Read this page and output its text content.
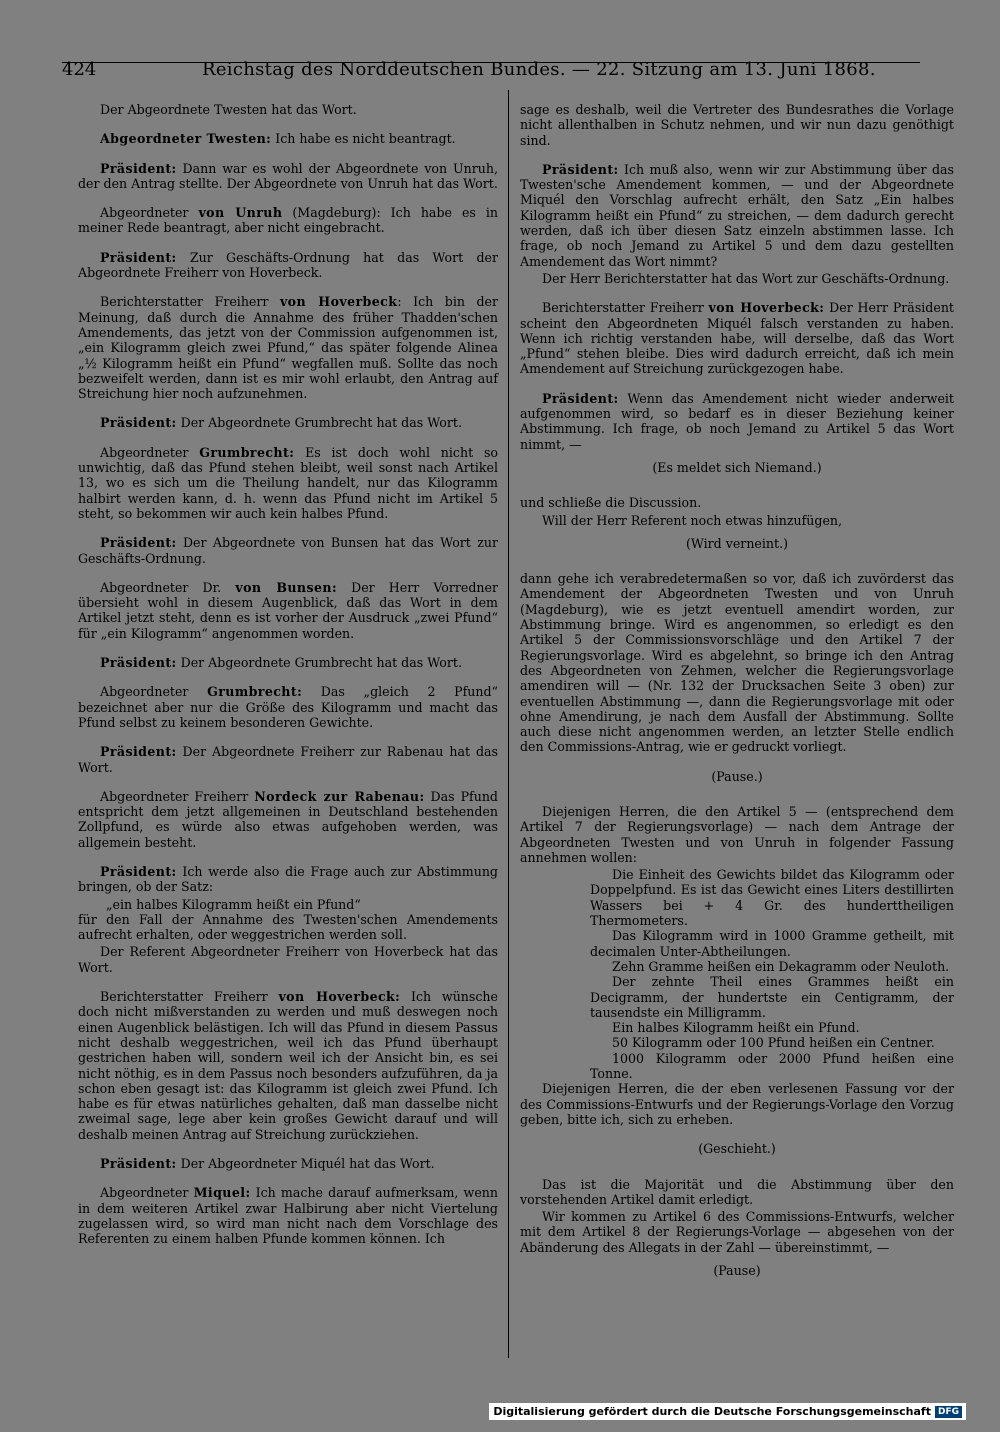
424	Reichstag des Norddeutschen Bundes. — 22. Sitzung am 13. Juni 1868.

Der Abgeordnete Twesten hat das Wort.

Abgeordneter Twesten: Ich habe es nicht beantragt.

Präsident: Dann war es wohl der Abgeordnete von Unruh, der den Antrag stellte. Der Abgeordnete von Unruh hat das Wort.

Abgeordneter von Unruh (Magdeburg): Ich habe es in meiner Rede beantragt, aber nicht eingebracht.

Präsident: Zur Geschäfts-Ordnung hat das Wort der Abgeordnete Freiherr von Hoverbeck.

Berichterstatter Freiherr von Hoverbeck: Ich bin der Meinung, daß durch die Annahme des früher Thadden'schen Amendements, das jetzt von der Commission aufgenommen ist, „ein Kilogramm gleich zwei Pfund,“ das später folgende Alinea „½ Kilogramm heißt ein Pfund“ wegfallen muß. Sollte das noch bezweifelt werden, dann ist es mir wohl erlaubt, den Antrag auf Streichung hier noch aufzunehmen.

Präsident: Der Abgeordnete Grumbrecht hat das Wort.

Abgeordneter Grumbrecht: Es ist doch wohl nicht so unwichtig, daß das Pfund stehen bleibt, weil sonst nach Artikel 13, wo es sich um die Theilung handelt, nur das Kilogramm halbirt werden kann, d. h. wenn das Pfund nicht im Artikel 5 steht, so bekommen wir auch kein halbes Pfund.

Präsident: Der Abgeordnete von Bunsen hat das Wort zur Geschäfts-Ordnung.

Abgeordneter Dr. von Bunsen: Der Herr Vorredner übersieht wohl in diesem Augenblick, daß das Wort in dem Artikel jetzt steht, denn es ist vorher der Ausdruck „zwei Pfund“ für „ein Kilogramm“ angenommen worden.

Präsident: Der Abgeordnete Grumbrecht hat das Wort.

Abgeordneter Grumbrecht: Das „gleich 2 Pfund“ bezeichnet aber nur die Größe des Kilogramm und macht das Pfund selbst zu keinem besonderen Gewichte.

Präsident: Der Abgeordnete Freiherr zur Rabenau hat das Wort.

Abgeordneter Freiherr Nordeck zur Rabenau: Das Pfund entspricht dem jetzt allgemeinen in Deutschland bestehenden Zollpfund, es würde also etwas aufgehoben werden, was allgemein besteht.

Präsident: Ich werde also die Frage auch zur Abstimmung bringen, ob der Satz:

„ein halbes Kilogramm heißt ein Pfund“

für den Fall der Annahme des Twesten'schen Amendements aufrecht erhalten, oder weggestrichen werden soll.

Der Referent Abgeordneter Freiherr von Hoverbeck hat das Wort.

Berichterstatter Freiherr von Hoverbeck: Ich wünsche doch nicht mißverstanden zu werden und muß deswegen noch einen Augenblick belästigen. Ich will das Pfund in diesem Passus nicht deshalb weggestrichen, weil ich das Pfund überhaupt gestrichen haben will, sondern weil ich der Ansicht bin, es sei nicht nöthig, es in dem Passus noch besonders aufzuführen, da ja schon eben gesagt ist: das Kilogramm ist gleich zwei Pfund. Ich habe es für etwas natürliches gehalten, daß man dasselbe nicht zweimal sage, lege aber kein großes Gewicht darauf und will deshalb meinen Antrag auf Streichung zurückziehen.

Präsident: Der Abgeordneter Miquél hat das Wort.

Abgeordneter Miquel: Ich mache darauf aufmerksam, wenn in dem weiteren Artikel zwar Halbirung aber nicht Viertelung zugelassen wird, so wird man nicht nach dem Vorschlage des Referenten zu einem halben Pfunde kommen können. Ich

sage es deshalb, weil die Vertreter des Bundesrathes die Vorlage nicht allenthalben in Schutz nehmen, und wir nun dazu genöthigt sind.

Präsident: Ich muß also, wenn wir zur Abstimmung über das Twesten'sche Amendement kommen, — und der Abgeordnete Miquél den Vorschlag aufrecht erhält, den Satz „Ein halbes Kilogramm heißt ein Pfund“ zu streichen, — dem dadurch gerecht werden, daß ich über diesen Satz einzeln abstimmen lasse. Ich frage, ob noch Jemand zu Artikel 5 und dem dazu gestellten Amendement das Wort nimmt?

Der Herr Berichterstatter hat das Wort zur Geschäfts-Ordnung.

Berichterstatter Freiherr von Hoverbeck: Der Herr Präsident scheint den Abgeordneten Miquél falsch verstanden zu haben. Wenn ich richtig verstanden habe, will derselbe, daß das Wort „Pfund“ stehen bleibe. Dies wird dadurch erreicht, daß ich mein Amendement auf Streichung zurückgezogen habe.

Präsident: Wenn das Amendement nicht wieder anderweit aufgenommen wird, so bedarf es in dieser Beziehung keiner Abstimmung. Ich frage, ob noch Jemand zu Artikel 5 das Wort nimmt, —

(Es meldet sich Niemand.)

und schließe die Discussion.

Will der Herr Referent noch etwas hinzufügen,

(Wird verneint.)

dann gehe ich verabredetermaßen so vor, daß ich zuvörderst das Amendement der Abgeordneten Twesten und von Unruh (Magdeburg), wie es jetzt eventuell amendirt worden, zur Abstimmung bringe. Wird es angenommen, so erledigt es den Artikel 5 der Commissionsvorschläge und den Artikel 7 der Regierungsvorlage. Wird es abgelehnt, so bringe ich den Antrag des Abgeordneten von Zehmen, welcher die Regierungsvorlage amendiren will — (Nr. 132 der Drucksachen Seite 3 oben) zur eventuellen Abstimmung —, dann die Regierungsvorlage mit oder ohne Amendirung, je nach dem Ausfall der Abstimmung. Sollte auch diese nicht angenommen werden, an letzter Stelle endlich den Commissions-Antrag, wie er gedruckt vorliegt.

(Pause.)

Diejenigen Herren, die den Artikel 5 — (entsprechend dem Artikel 7 der Regierungsvorlage) — nach dem Antrage der Abgeordneten Twesten und von Unruh in folgender Fassung annehmen wollen:

Die Einheit des Gewichts bildet das Kilogramm oder Doppelpfund. Es ist das Gewicht eines Liters destillirten Wassers bei + 4 Gr. des hunderttheiligen Thermometers.
Das Kilogramm wird in 1000 Gramme getheilt, mit decimalen Unter-Abtheilungen.
Zehn Gramme heißen ein Dekagramm oder Neuloth.
Der zehnte Theil eines Grammes heißt ein Decigramm, der hundertste ein Centigramm, der tausendste ein Milligramm.
Ein halbes Kilogramm heißt ein Pfund.
50 Kilogramm oder 100 Pfund heißen ein Centner.
1000 Kilogramm oder 2000 Pfund heißen eine Tonne.

Diejenigen Herren, die der eben verlesenen Fassung vor der des Commissions-Entwurfs und der Regierungs-Vorlage den Vorzug geben, bitte ich, sich zu erheben.

(Geschieht.)

Das ist die Majorität und die Abstimmung über den vorstehenden Artikel damit erledigt.

Wir kommen zu Artikel 6 des Commissions-Entwurfs, welcher mit dem Artikel 8 der Regierungs-Vorlage — abgesehen von der Abänderung des Allegats in der Zahl — übereinstimmt, —

(Pause)

Digitalisierung gefördert durch die Deutsche Forschungsgemeinschaft DFG
